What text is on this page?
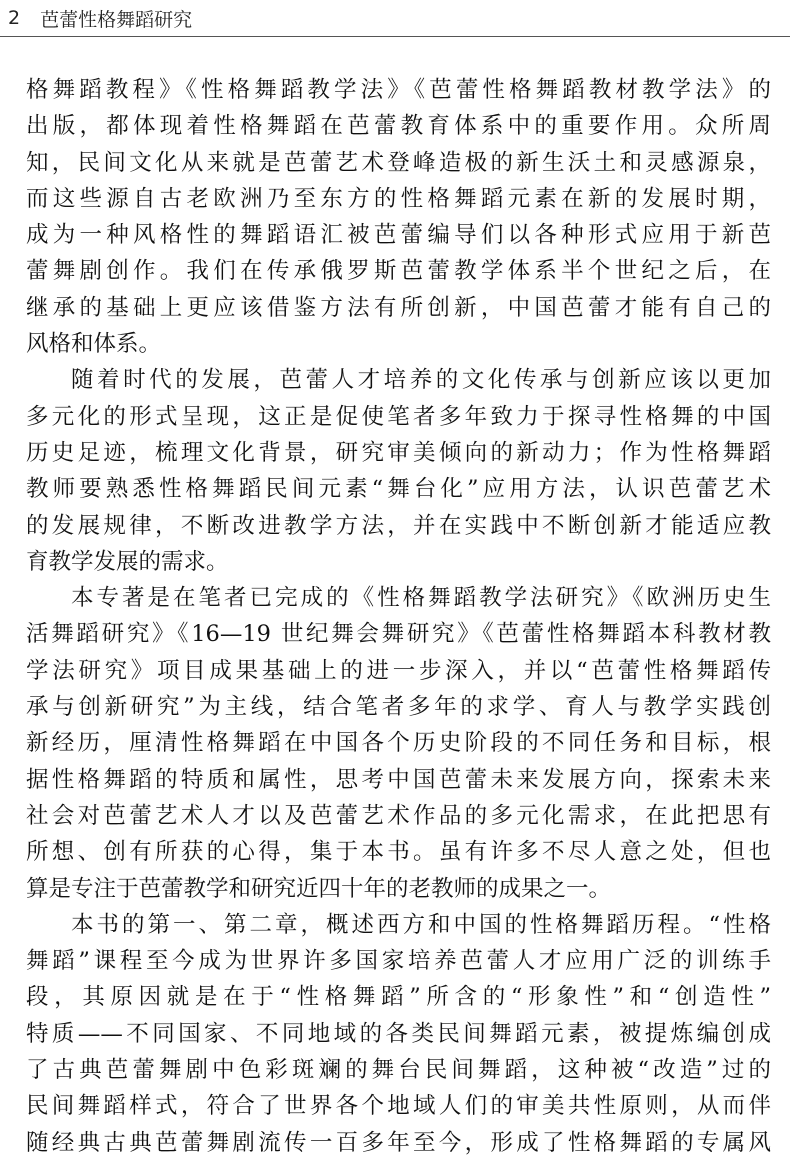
2 芭蕾性格舞蹈研究
格舞蹈教程》《性格舞蹈教学法》《芭蕾性格舞蹈教材教学法》的
出版，都体现着性格舞蹈在芭蕾教育体系中的重要作用。众所周
知，民间文化从来就是芭蕾艺术登峰造极的新生沃土和灵感源泉，
而这些源自古老欧洲乃至东方的性格舞蹈元素在新的发展时期，
成为一种风格性的舞蹈语汇被芭蕾编导们以各种形式应用于新芭
蕾舞剧创作。我们在传承俄罗斯芭蕾教学体系半个世纪之后，在
继承的基础上更应该借鉴方法有所创新，中国芭蕾才能有自己的
风格和体系。
随着时代的发展，芭蕾人才培养的文化传承与创新应该以更加
多元化的形式呈现，这正是促使笔者多年致力于探寻性格舞的中国
历史足迹，梳理文化背景，研究审美倾向的新动力；作为性格舞蹈
教师要熟悉性格舞蹈民间元素“舞台化”应用方法，认识芭蕾艺术
的发展规律，不断改进教学方法，并在实践中不断创新才能适应教
育教学发展的需求。
本专著是在笔者已完成的《性格舞蹈教学法研究》《欧洲历史生
活舞蹈研究》《16—19 世纪舞会舞研究》《芭蕾性格舞蹈本科教材教
学法研究》项目成果基础上的进一步深入，并以“芭蕾性格舞蹈传
承与创新研究”为主线，结合笔者多年的求学、育人与教学实践创
新经历，厘清性格舞蹈在中国各个历史阶段的不同任务和目标，根
据性格舞蹈的特质和属性，思考中国芭蕾未来发展方向，探索未来
社会对芭蕾艺术人才以及芭蕾艺术作品的多元化需求，在此把思有
所想、创有所获的心得，集于本书。虽有许多不尽人意之处，但也
算是专注于芭蕾教学和研究近四十年的老教师的成果之一。
本书的第一、第二章，概述西方和中国的性格舞蹈历程。“性格
舞蹈”课程至今成为世界许多国家培养芭蕾人才应用广泛的训练手
段，其原因就是在于“性格舞蹈”所含的“形象性”和“创造性”
特质——不同国家、不同地域的各类民间舞蹈元素，被提炼编创成
了古典芭蕾舞剧中色彩斑斓的舞台民间舞蹈，这种被“改造”过的
民间舞蹈样式，符合了世界各个地域人们的审美共性原则，从而伴
随经典古典芭蕾舞剧流传一百多年至今，形成了性格舞蹈的专属风
